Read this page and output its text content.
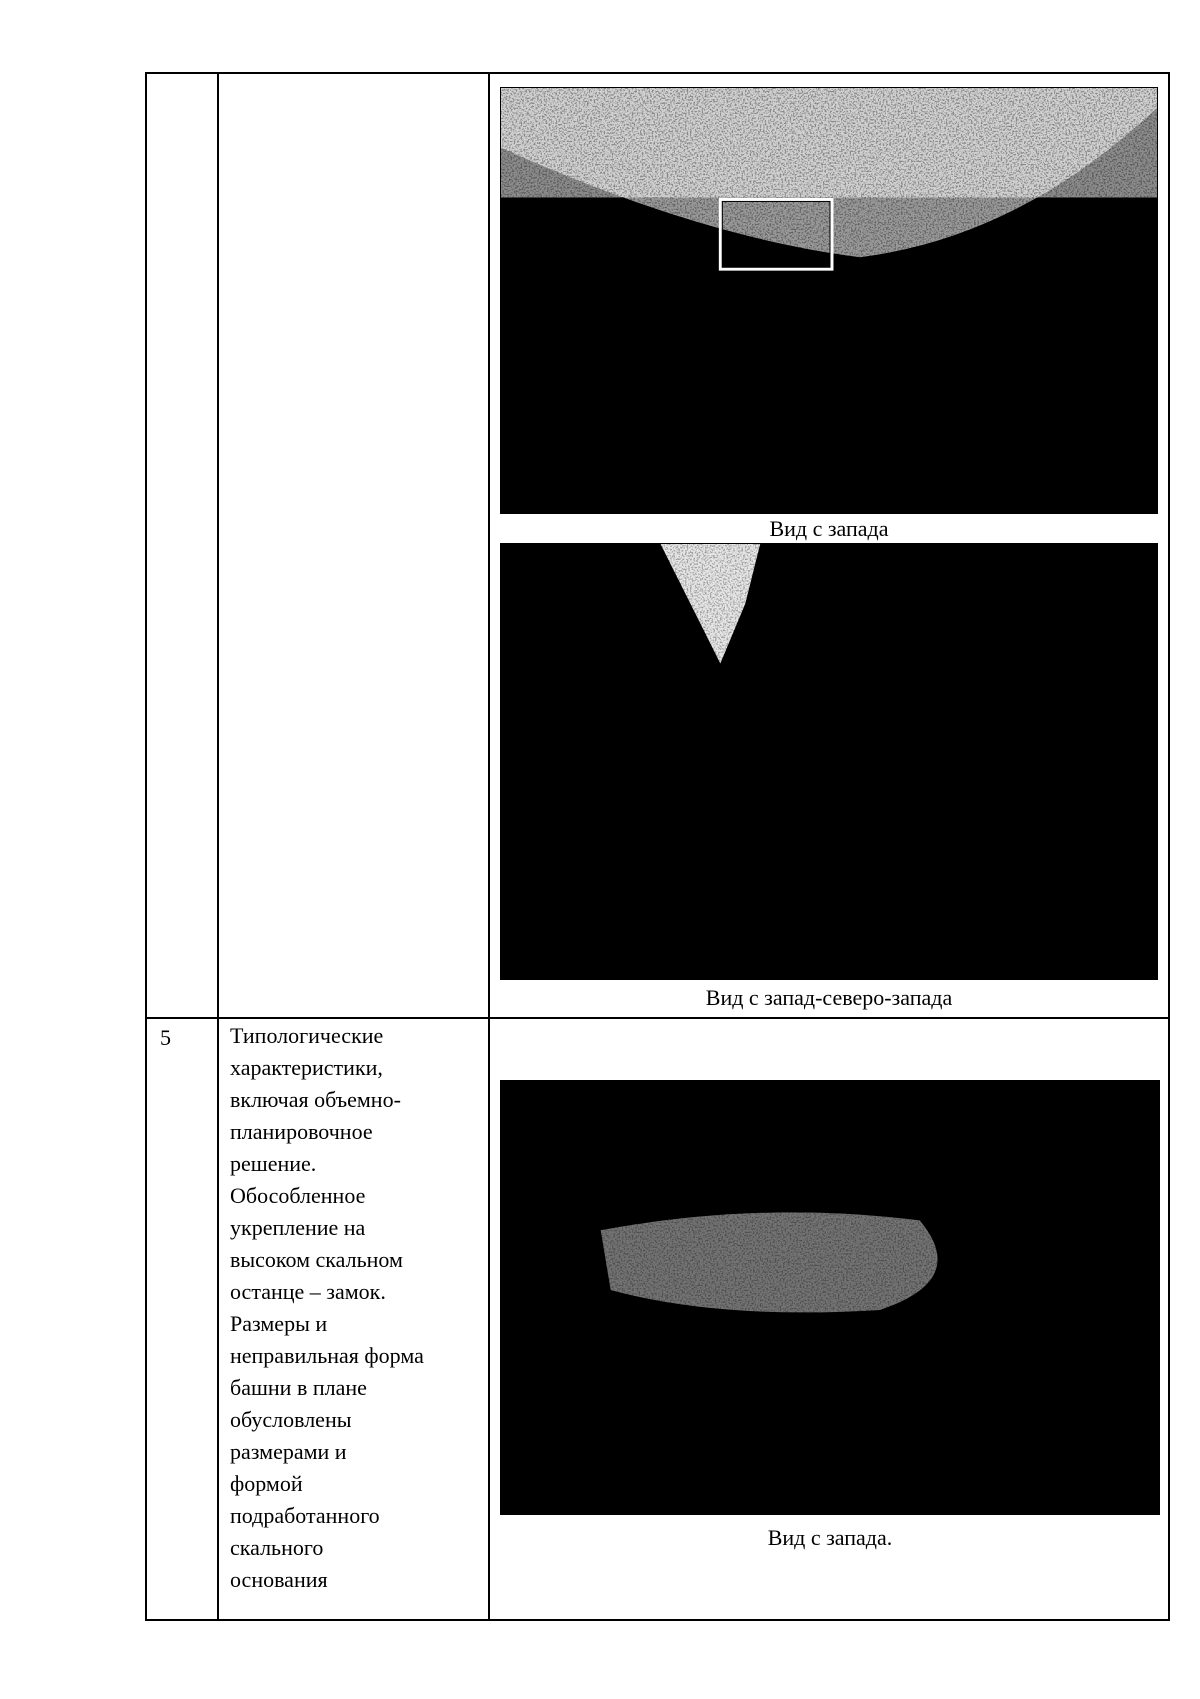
Вид с запада
Вид с запад-северо-запада
5	Типологические
характеристики,
включая объемно-
планировочное
решение.
Обособленное
укрепление на
высоком скальном
останце – замок.
Размеры и
неправильная форма
башни в плане
обусловлены
размерами и
формой
подработанного
скального
основания
Вид с запада.
